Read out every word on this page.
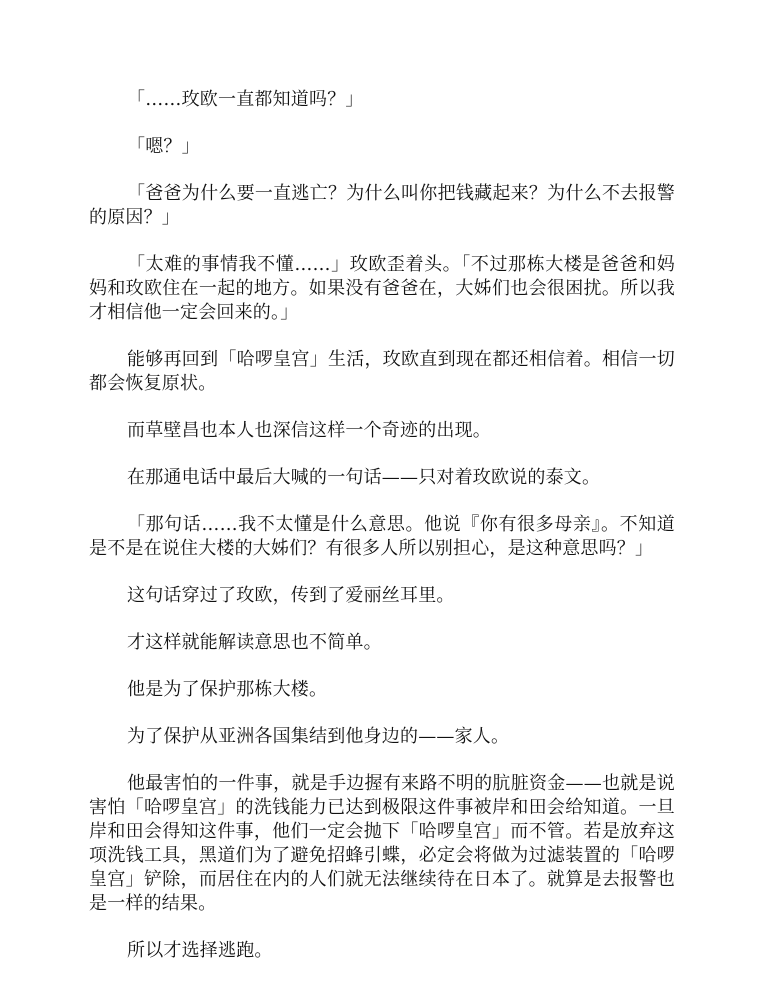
「……玫欧一直都知道吗？」

「嗯？」

「爸爸为什么要一直逃亡？为什么叫你把钱藏起来？为什么不去报警的原因？」

「太难的事情我不懂……」玫欧歪着头。「不过那栋大楼是爸爸和妈妈和玫欧住在一起的地方。如果没有爸爸在，大姊们也会很困扰。所以我才相信他一定会回来的。」

能够再回到「哈啰皇宫」生活，玫欧直到现在都还相信着。相信一切都会恢复原状。

而草壁昌也本人也深信这样一个奇迹的出现。

在那通电话中最后大喊的一句话——只对着玫欧说的泰文。

「那句话……我不太懂是什么意思。他说『你有很多母亲』。不知道是不是在说住大楼的大姊们？有很多人所以别担心，是这种意思吗？」

这句话穿过了玫欧，传到了爱丽丝耳里。

才这样就能解读意思也不简单。

他是为了保护那栋大楼。

为了保护从亚洲各国集结到他身边的——家人。

他最害怕的一件事，就是手边握有来路不明的肮脏资金——也就是说害怕「哈啰皇宫」的洗钱能力已达到极限这件事被岸和田会给知道。一旦岸和田会得知这件事，他们一定会抛下「哈啰皇宫」而不管。若是放弃这项洗钱工具，黑道们为了避免招蜂引蝶，必定会将做为过滤装置的「哈啰皇宫」铲除，而居住在内的人们就无法继续待在日本了。就算是去报警也是一样的结果。

所以才选择逃跑。
